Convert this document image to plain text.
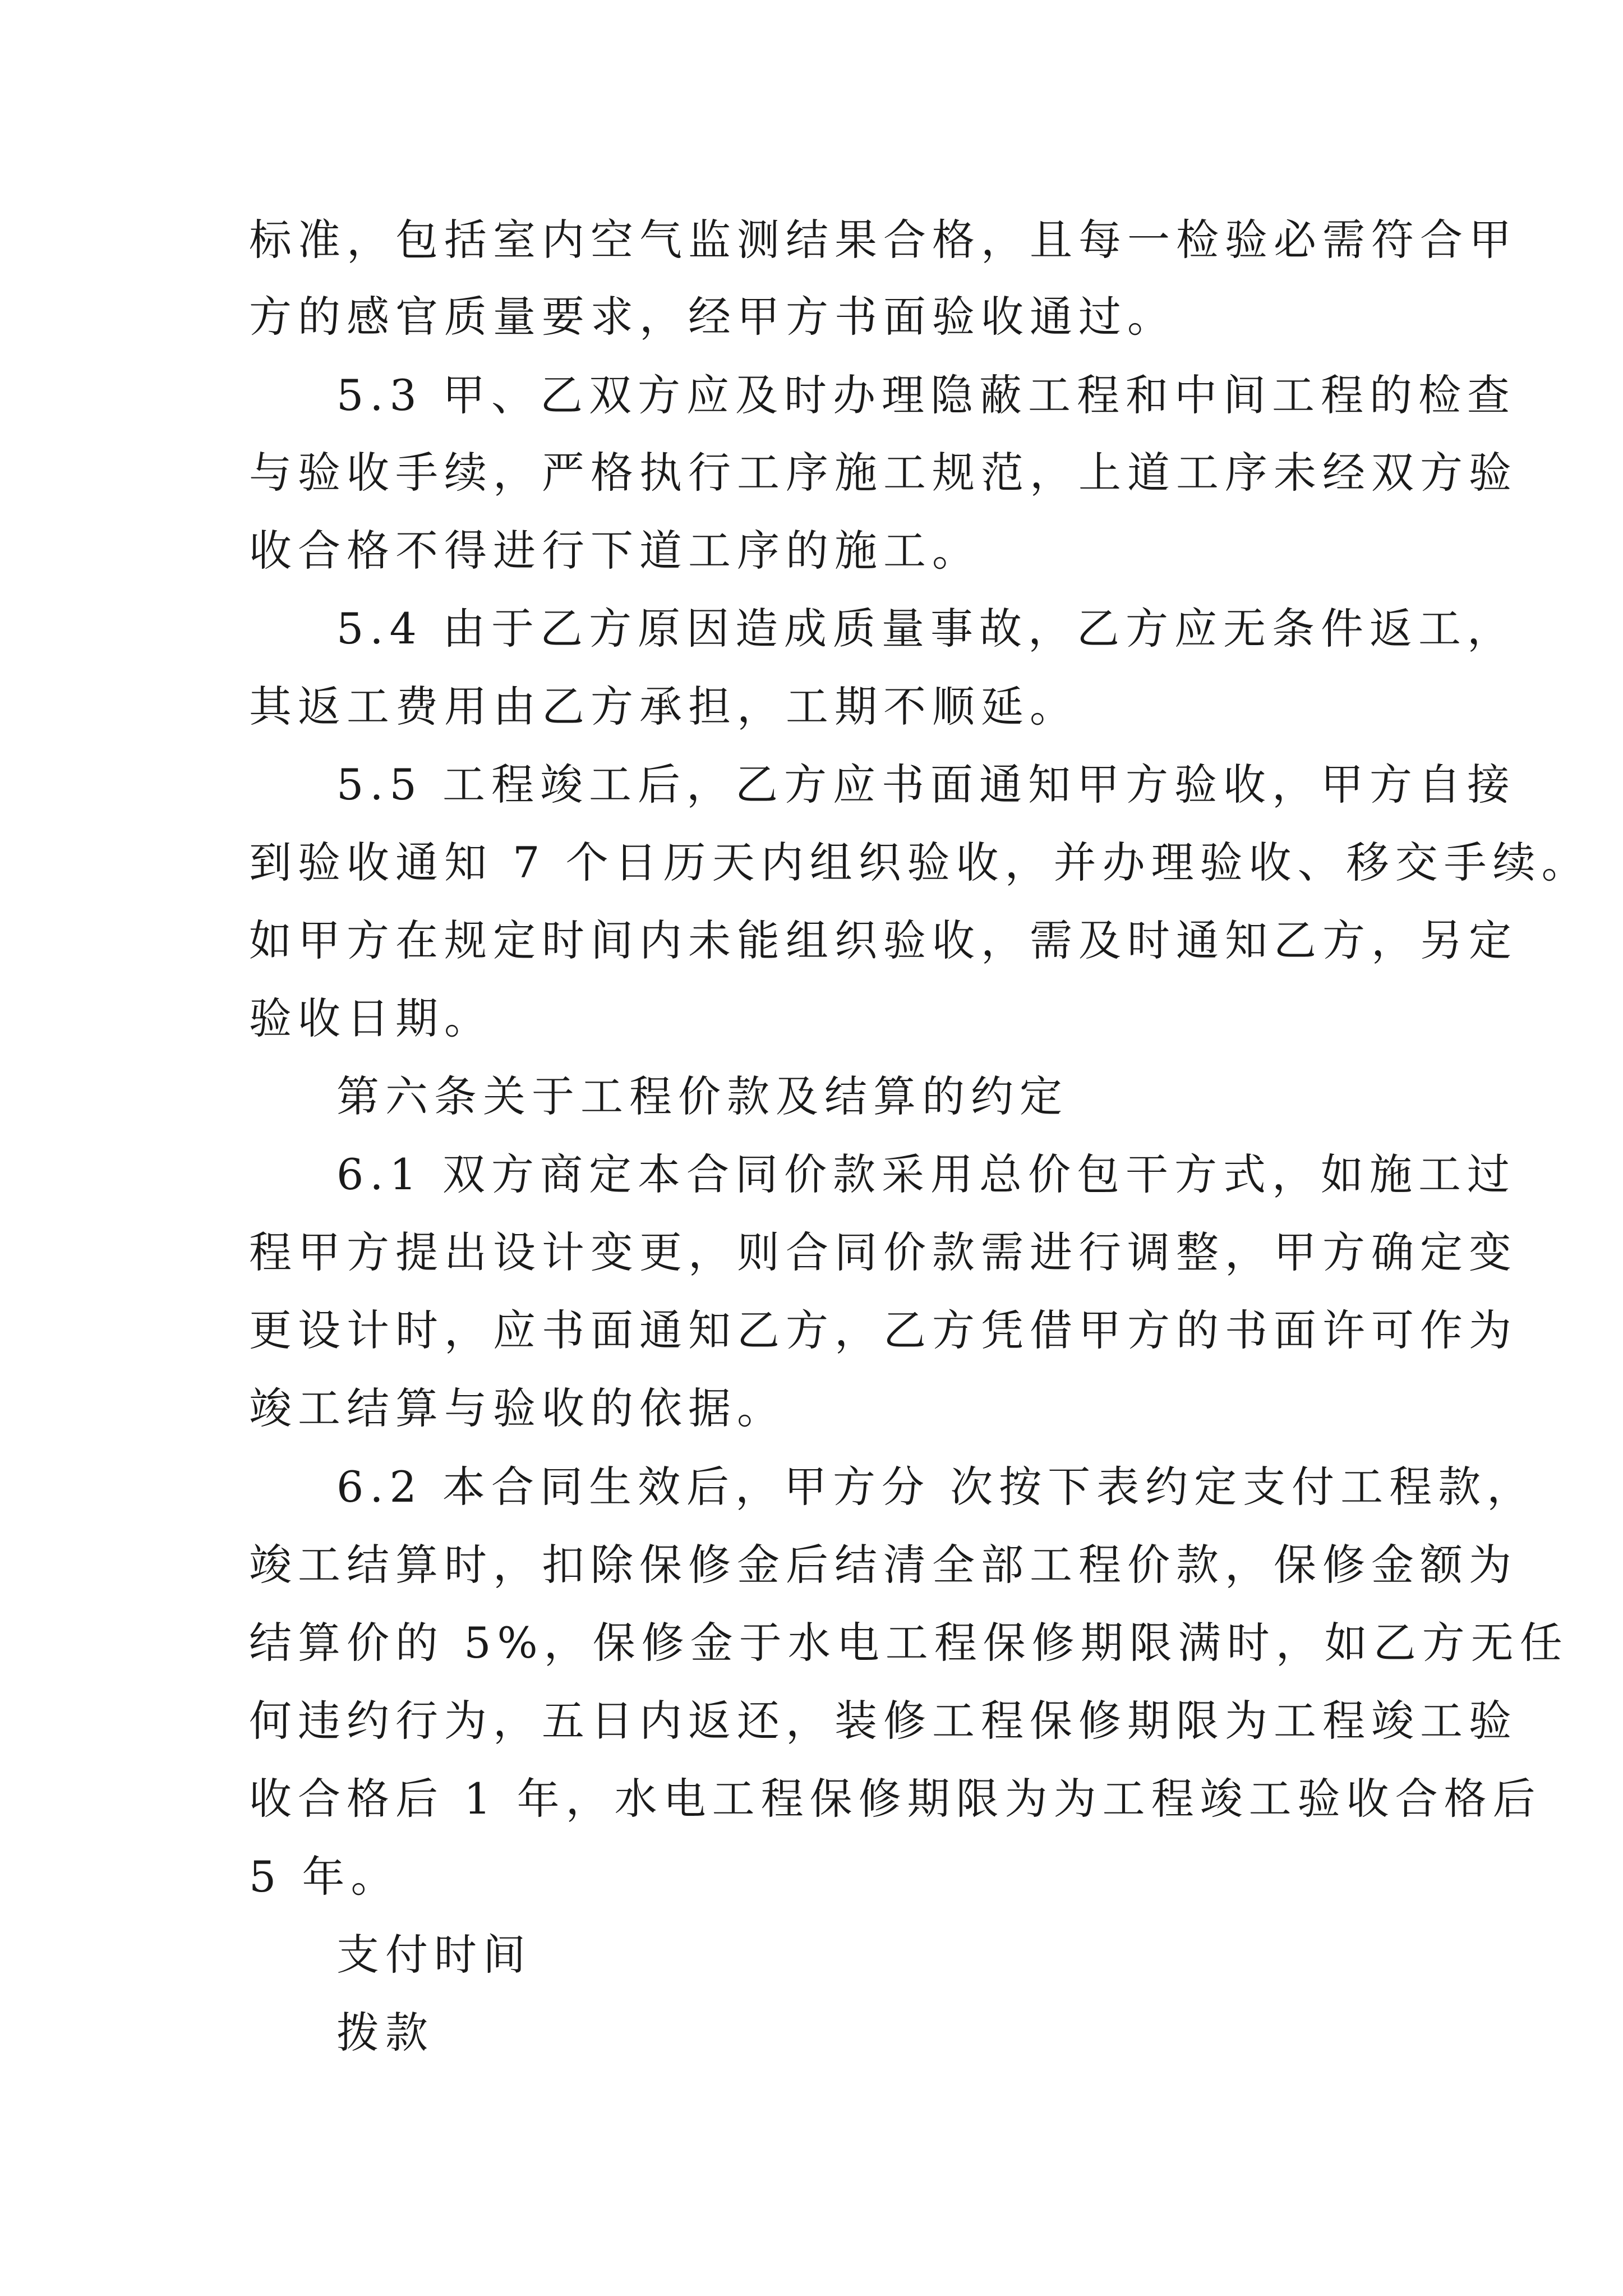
标准，包括室内空气监测结果合格，且每一检验必需符合甲
方的感官质量要求，经甲方书面验收通过。
5.3 甲、乙双方应及时办理隐蔽工程和中间工程的检查
与验收手续，严格执行工序施工规范，上道工序未经双方验
收合格不得进行下道工序的施工。
5.4 由于乙方原因造成质量事故，乙方应无条件返工，
其返工费用由乙方承担，工期不顺延。
5.5 工程竣工后，乙方应书面通知甲方验收，甲方自接
到验收通知 7 个日历天内组织验收，并办理验收、移交手续。
如甲方在规定时间内未能组织验收，需及时通知乙方，另定
验收日期。
第六条关于工程价款及结算的约定
6.1 双方商定本合同价款采用总价包干方式，如施工过
程甲方提出设计变更，则合同价款需进行调整，甲方确定变
更设计时，应书面通知乙方，乙方凭借甲方的书面许可作为
竣工结算与验收的依据。
6.2 本合同生效后，甲方分 次按下表约定支付工程款，
竣工结算时，扣除保修金后结清全部工程价款，保修金额为
结算价的 5%，保修金于水电工程保修期限满时，如乙方无任
何违约行为，五日内返还，装修工程保修期限为工程竣工验
收合格后 1 年，水电工程保修期限为为工程竣工验收合格后
5 年。
支付时间
拨款
